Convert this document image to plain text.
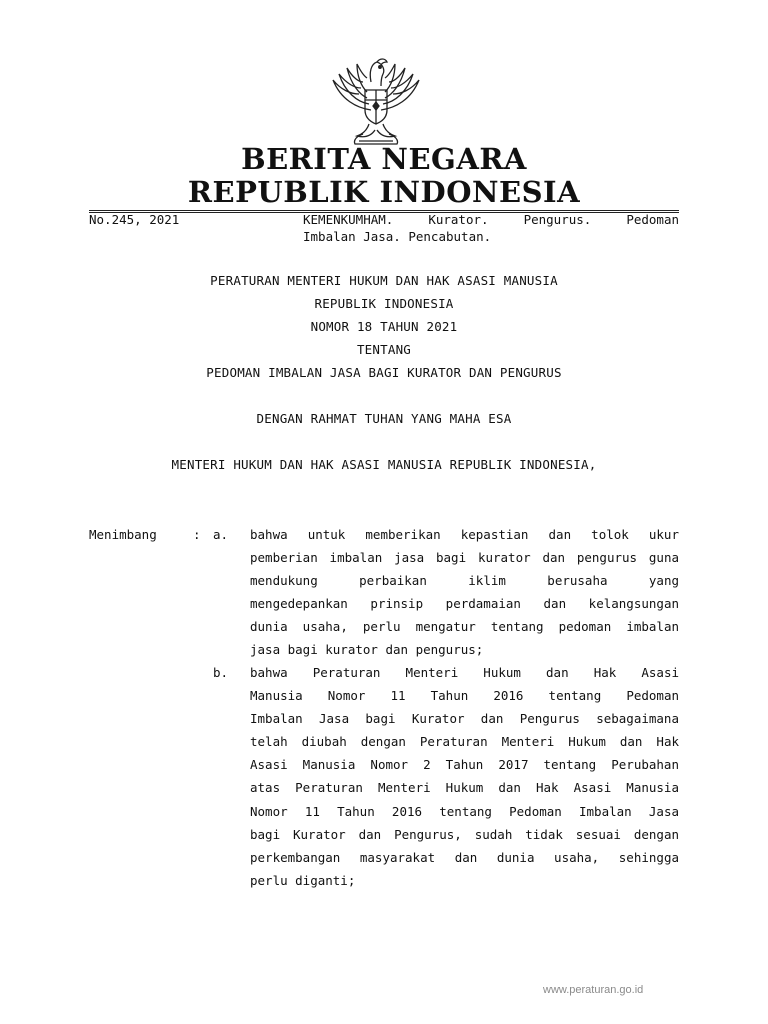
BERITA NEGARA
REPUBLIK INDONESIA
No.245, 2021	KEMENKUMHAM. Kurator. Pengurus. Pedoman
Imbalan Jasa. Pencabutan.
PERATURAN MENTERI HUKUM DAN HAK ASASI MANUSIA
REPUBLIK INDONESIA
NOMOR 18 TAHUN 2021
TENTANG
PEDOMAN IMBALAN JASA BAGI KURATOR DAN PENGURUS
DENGAN RAHMAT TUHAN YANG MAHA ESA
MENTERI HUKUM DAN HAK ASASI MANUSIA REPUBLIK INDONESIA,
Menimbang	: a. bahwa untuk memberikan kepastian dan tolok ukur
pemberian imbalan jasa bagi kurator dan pengurus guna
mendukung perbaikan iklim berusaha yang
mengedepankan prinsip perdamaian dan kelangsungan
dunia usaha, perlu mengatur tentang pedoman imbalan
jasa bagi kurator dan pengurus;
b. bahwa Peraturan Menteri Hukum dan Hak Asasi
Manusia Nomor 11 Tahun 2016 tentang Pedoman
Imbalan Jasa bagi Kurator dan Pengurus sebagaimana
telah diubah dengan Peraturan Menteri Hukum dan Hak
Asasi Manusia Nomor 2 Tahun 2017 tentang Perubahan
atas Peraturan Menteri Hukum dan Hak Asasi Manusia
Nomor 11 Tahun 2016 tentang Pedoman Imbalan Jasa
bagi Kurator dan Pengurus, sudah tidak sesuai dengan
perkembangan masyarakat dan dunia usaha, sehingga
perlu diganti;
www.peraturan.go.id
